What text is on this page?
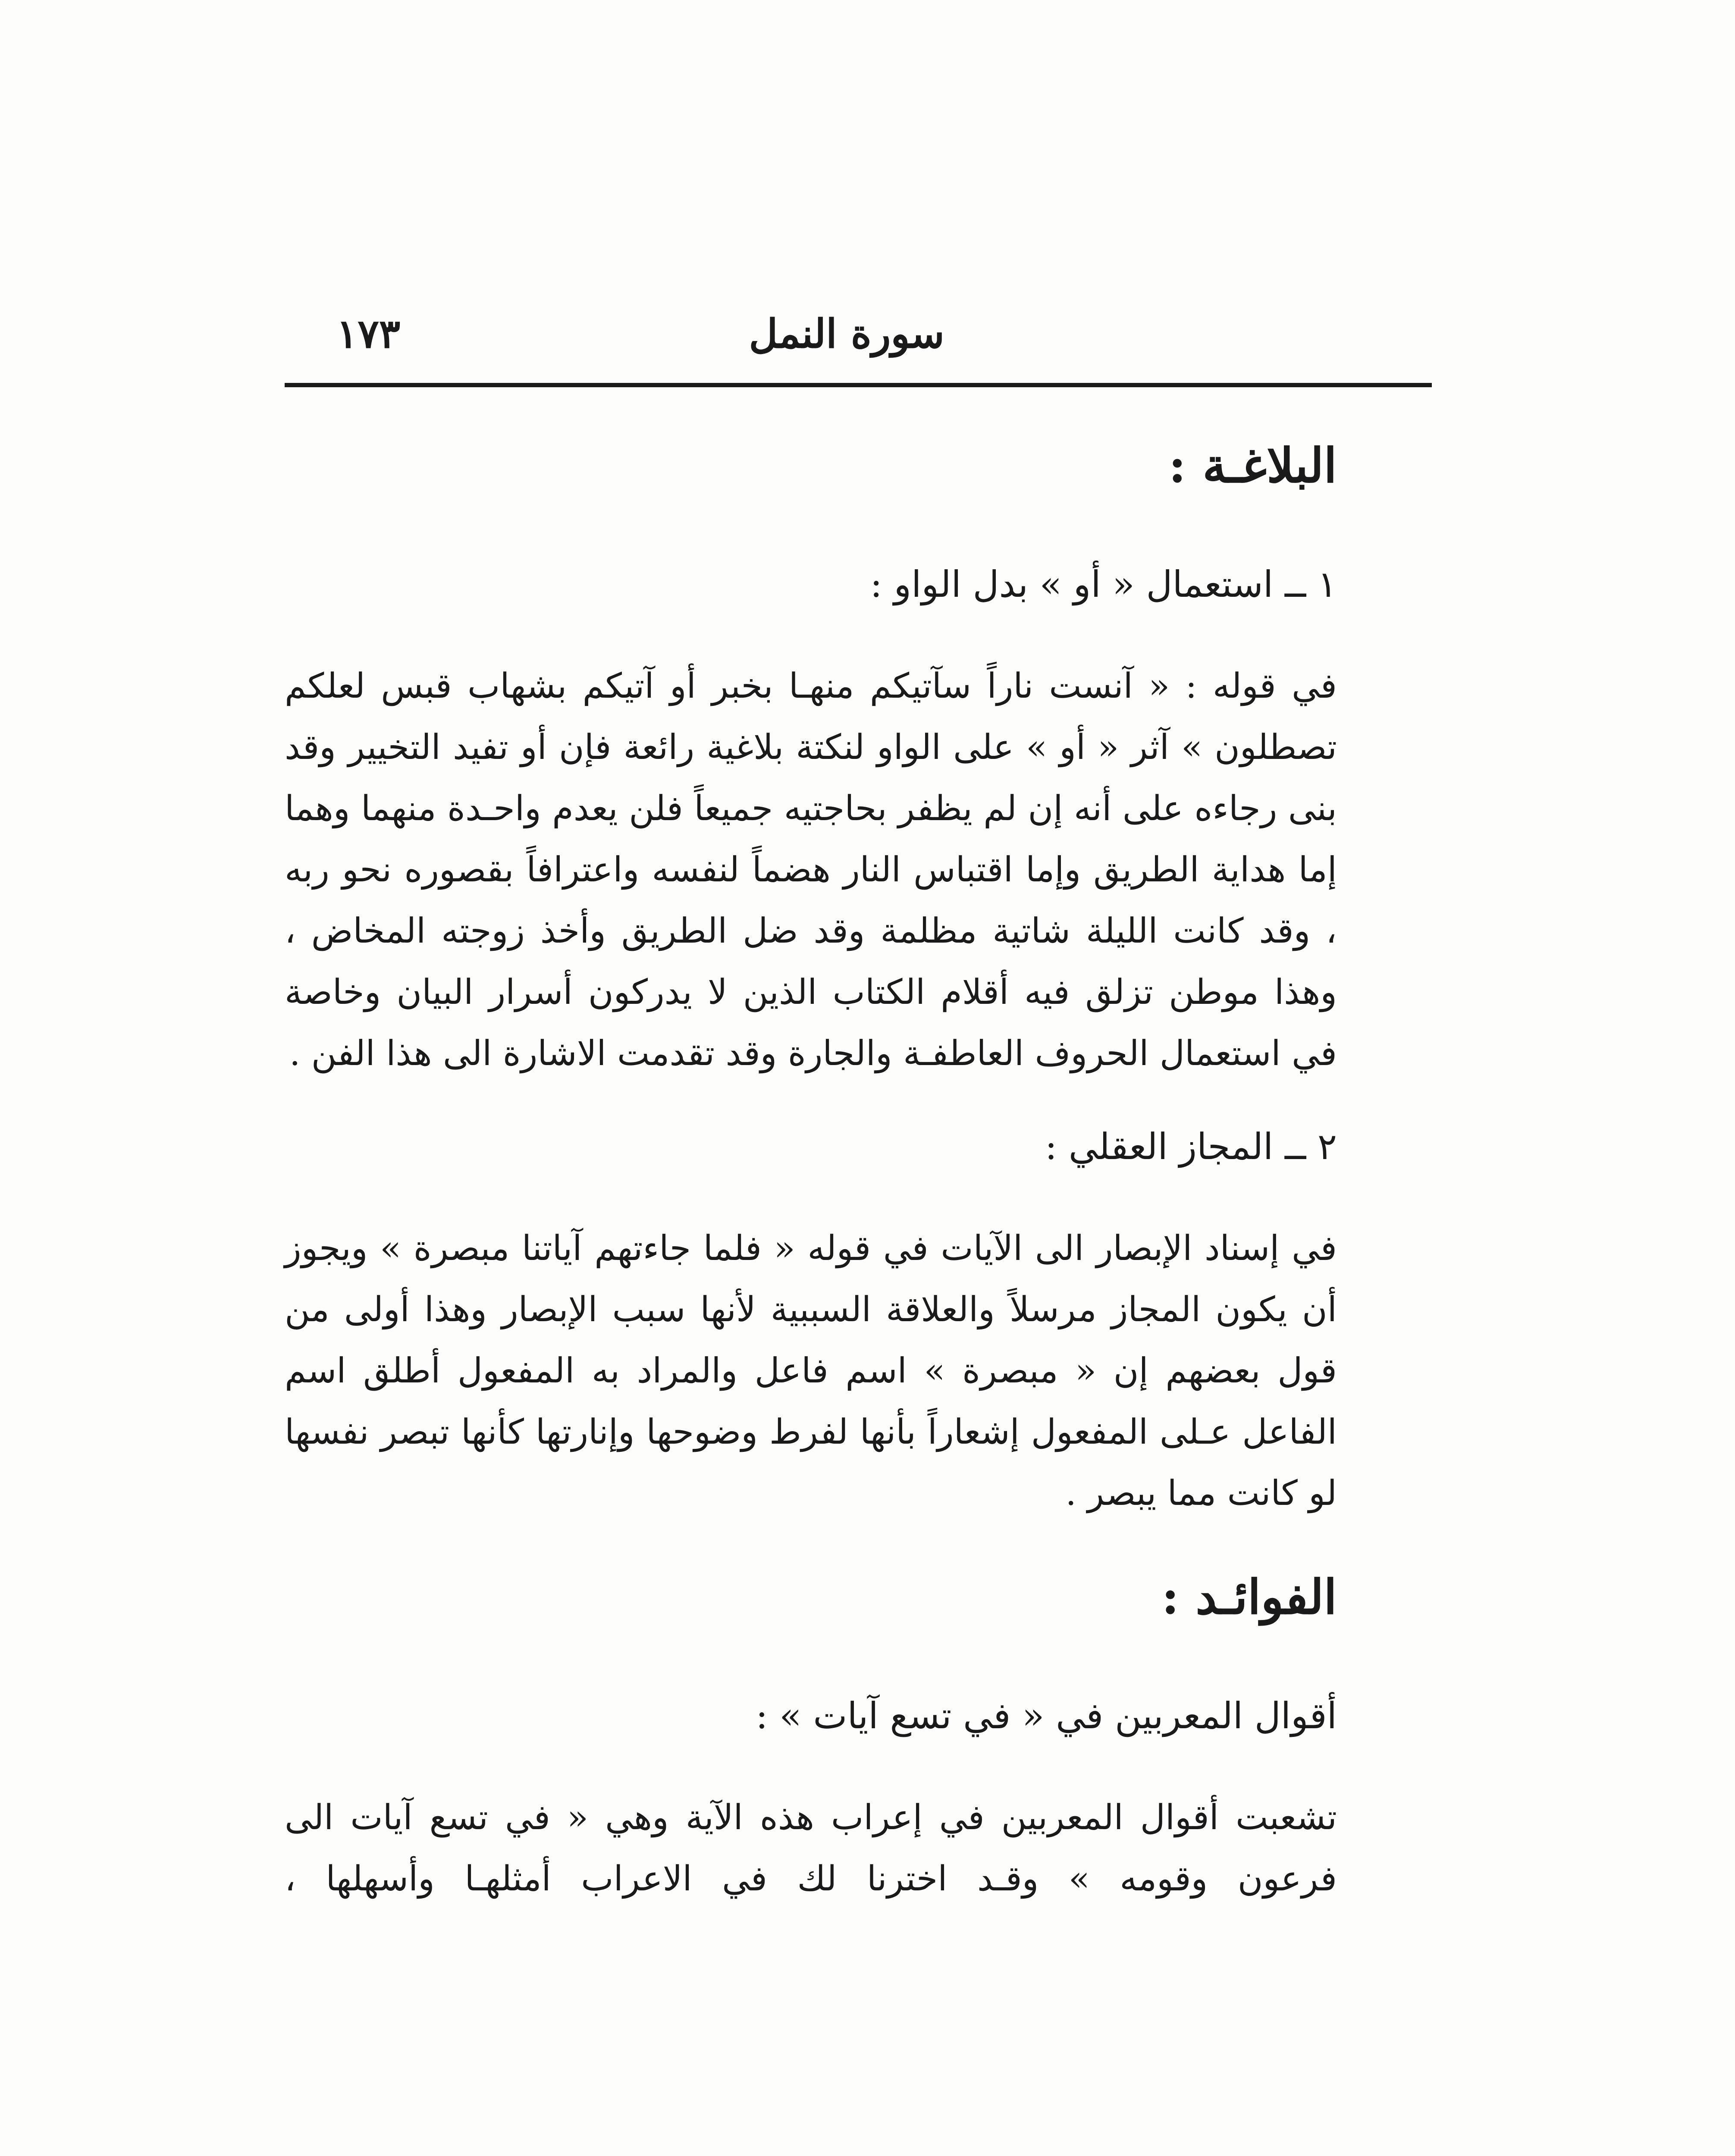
سورة النمل
١٧٣
البلاغـة :
١ ــ استعمال « أو » بدل الواو :

في قوله : « آنست ناراً سآتيكم منهـا بخبر أو آتيكم بشهاب قبس لعلكم تصطلون » آثر « أو » على الواو لنكتة بلاغية رائعة فإن أو تفيد التخيير وقد بنى رجاءه على أنه إن لم يظفر بحاجتيه جميعاً فلن يعدم واحـدة منهما وهما إما هداية الطريق وإما اقتباس النار هضماً لنفسه واعترافاً بقصوره نحو ربه ، وقد كانت الليلة شاتية مظلمة وقد ضل الطريق وأخذ زوجته المخاض ، وهذا موطن تزلق فيه أقلام الكتاب الذين لا يدركون أسرار البيان وخاصة في استعمال الحروف العاطفـة والجارة وقد تقدمت الاشارة الى هذا الفن .

٢ ــ المجاز العقلي :

في إسناد الإبصار الى الآيات في قوله « فلما جاءتهم آياتنا مبصرة » ويجوز أن يكون المجاز مرسلاً والعلاقة السببية لأنها سبب الإبصار وهذا أولى من قول بعضهم إن « مبصرة » اسم فاعل والمراد به المفعول أطلق اسم الفاعل عـلى المفعول إشعاراً بأنها لفرط وضوحها وإنارتها كأنها تبصر نفسها لو كانت مما يبصر .

الفوائـد :
أقوال المعربين في « في تسع آيات » :

تشعبت أقوال المعربين في إعراب هذه الآية وهي « في تسع آيات الى فرعون وقومه » وقـد اخترنا لك في الاعراب أمثلهـا وأسهلها ،
